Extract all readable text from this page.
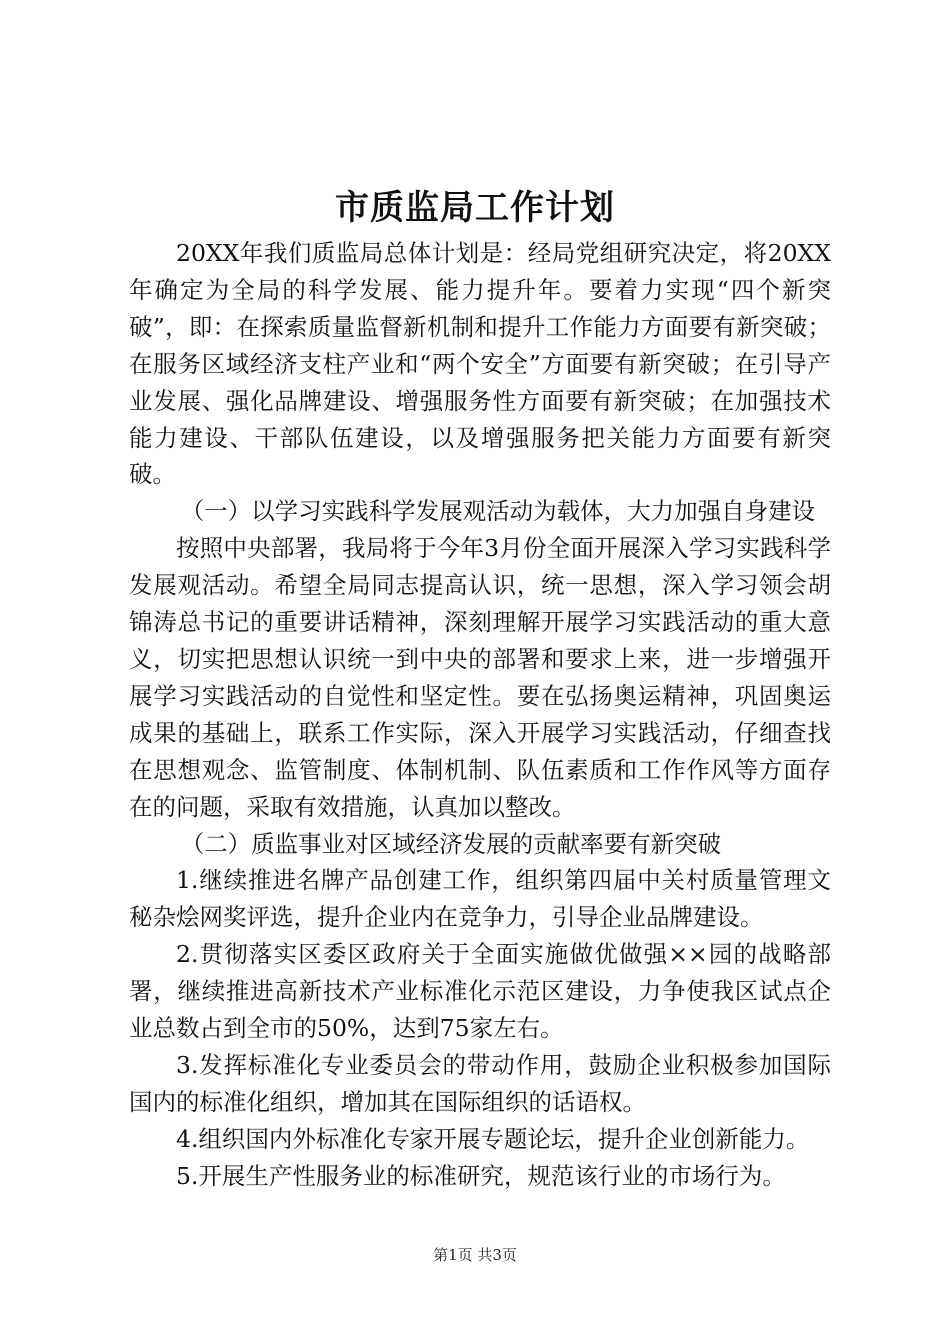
市质监局工作计划

20XX年我们质监局总体计划是：经局党组研究决定，将20XX年确定为全局的科学发展、能力提升年。要着力实现“四个新突破”，即：在探索质量监督新机制和提升工作能力方面要有新突破；在服务区域经济支柱产业和“两个安全”方面要有新突破；在引导产业发展、强化品牌建设、增强服务性方面要有新突破；在加强技术能力建设、干部队伍建设，以及增强服务把关能力方面要有新突破。

（一）以学习实践科学发展观活动为载体，大力加强自身建设

按照中央部署，我局将于今年3月份全面开展深入学习实践科学发展观活动。希望全局同志提高认识，统一思想，深入学习领会胡锦涛总书记的重要讲话精神，深刻理解开展学习实践活动的重大意义，切实把思想认识统一到中央的部署和要求上来，进一步增强开展学习实践活动的自觉性和坚定性。要在弘扬奥运精神，巩固奥运成果的基础上，联系工作实际，深入开展学习实践活动，仔细查找在思想观念、监管制度、体制机制、队伍素质和工作作风等方面存在的问题，采取有效措施，认真加以整改。

（二）质监事业对区域经济发展的贡献率要有新突破

1.继续推进名牌产品创建工作，组织第四届中关村质量管理文秘杂烩网奖评选，提升企业内在竞争力，引导企业品牌建设。

2.贯彻落实区委区政府关于全面实施做优做强××园的战略部署，继续推进高新技术产业标准化示范区建设，力争使我区试点企业总数占到全市的50%，达到75家左右。

3.发挥标准化专业委员会的带动作用，鼓励企业积极参加国际国内的标准化组织，增加其在国际组织的话语权。

4.组织国内外标准化专家开展专题论坛，提升企业创新能力。

5.开展生产性服务业的标准研究，规范该行业的市场行为。

第1页 共3页
